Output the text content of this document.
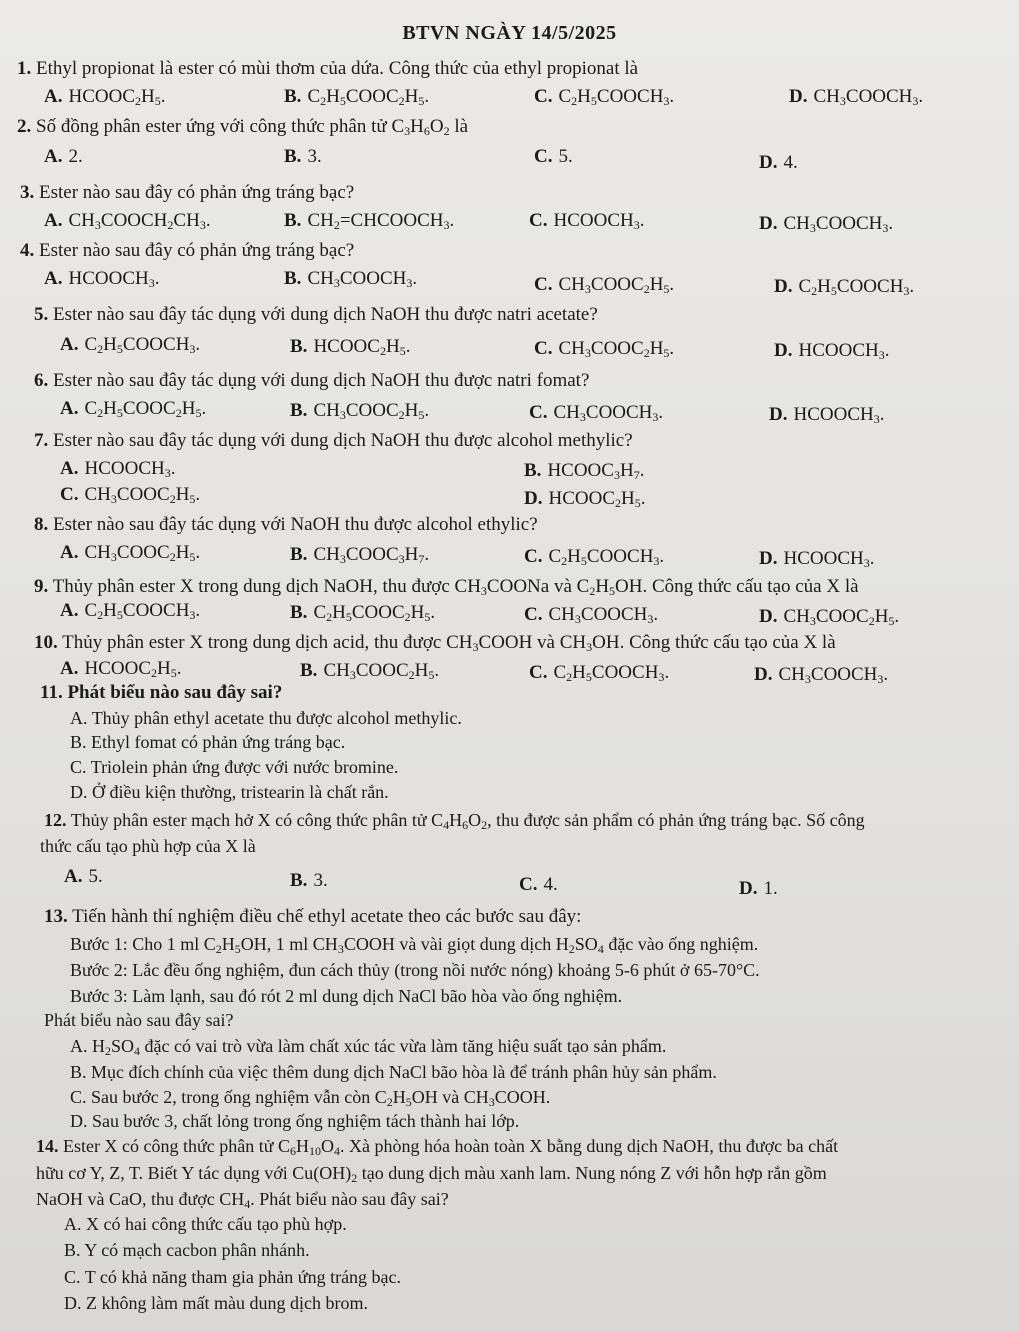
BTVN NGÀY 14/5/2025
1. Ethyl propionat là ester có mùi thơm của dứa. Công thức của ethyl propionat là
A. $HCOOC_2H_5$.	B. $C_2H_5COOC_2H_5$.	C. $C_2H_5COOCH_3$.	D. $CH_3COOCH_3$.
2. Số đồng phân ester ứng với công thức phân tử $C_3H_6O_2$ là
A. 2.	B. 3.	C. 5.	D. 4.
3. Ester nào sau đây có phản ứng tráng bạc?
A. $CH_3COOCH_2CH_3$.	B. $CH_2=CHCOOCH_3$.	C. $HCOOCH_3$.	D. $CH_3COOCH_3$.
4. Ester nào sau đây có phản ứng tráng bạc?
A. $HCOOCH_3$.	B. $CH_3COOCH_3$.	C. $CH_3COOC_2H_5$.	D. $C_2H_5COOCH_3$.
5. Ester nào sau đây tác dụng với dung dịch NaOH thu được natri acetate?
A. $C_2H_5COOCH_3$.	B. $HCOOC_2H_5$.	C. $CH_3COOC_2H_5$.	D. $HCOOCH_3$.
6. Ester nào sau đây tác dụng với dung dịch NaOH thu được natri fomat?
A. $C_2H_5COOC_2H_5$.	B. $CH_3COOC_2H_5$.	C. $CH_3COOCH_3$.	D. $HCOOCH_3$.
7. Ester nào sau đây tác dụng với dung dịch NaOH thu được alcohol methylic?
A. $HCOOCH_3$.	B. $HCOOC_3H_7$.
C. $CH_3COOC_2H_5$.	D. $HCOOC_2H_5$.
8. Ester nào sau đây tác dụng với NaOH thu được alcohol ethylic?
A. $CH_3COOC_2H_5$.	B. $CH_3COOC_3H_7$.	C. $C_2H_5COOCH_3$.	D. $HCOOCH_3$.
9. Thủy phân ester X trong dung dịch NaOH, thu được $CH_3COONa$ và $C_2H_5OH$. Công thức cấu tạo của X là
A. $C_2H_5COOCH_3$.	B. $C_2H_5COOC_2H_5$.	C. $CH_3COOCH_3$.	D. $CH_3COOC_2H_5$.
10. Thủy phân ester X trong dung dịch acid, thu được $CH_3COOH$ và $CH_3OH$. Công thức cấu tạo của X là
A. $HCOOC_2H_5$.	B. $CH_3COOC_2H_5$.	C. $C_2H_5COOCH_3$.	D. $CH_3COOCH_3$.
11. Phát biểu nào sau đây sai?
A. Thủy phân ethyl acetate thu được alcohol methylic.
B. Ethyl fomat có phản ứng tráng bạc.
C. Triolein phản ứng được với nước bromine.
D. Ở điều kiện thường, tristearin là chất rắn.
12. Thủy phân ester mạch hở X có công thức phân tử $C_4H_6O_2$, thu được sản phẩm có phản ứng tráng bạc. Số công
thức cấu tạo phù hợp của X là
A. 5.	B. 3.	C. 4.	D. 1.
13. Tiến hành thí nghiệm điều chế ethyl acetate theo các bước sau đây:
Bước 1: Cho 1 ml $C_2H_5OH$, 1 ml $CH_3COOH$ và vài giọt dung dịch $H_2SO_4$ đặc vào ống nghiệm.
Bước 2: Lắc đều ống nghiệm, đun cách thủy (trong nồi nước nóng) khoảng 5-6 phút ở 65-70°C.
Bước 3: Làm lạnh, sau đó rót 2 ml dung dịch NaCl bão hòa vào ống nghiệm.
Phát biểu nào sau đây sai?
A. $H_2SO_4$ đặc có vai trò vừa làm chất xúc tác vừa làm tăng hiệu suất tạo sản phẩm.
B. Mục đích chính của việc thêm dung dịch NaCl bão hòa là để tránh phân hủy sản phẩm.
C. Sau bước 2, trong ống nghiệm vẫn còn $C_2H_5OH$ và $CH_3COOH$.
D. Sau bước 3, chất lỏng trong ống nghiệm tách thành hai lớp.
14. Ester X có công thức phân tử $C_6H_{10}O_4$. Xà phòng hóa hoàn toàn X bằng dung dịch NaOH, thu được ba chất
hữu cơ Y, Z, T. Biết Y tác dụng với $Cu(OH)_2$ tạo dung dịch màu xanh lam. Nung nóng Z với hỗn hợp rắn gồm
NaOH và CaO, thu được $CH_4$. Phát biểu nào sau đây sai?
A. X có hai công thức cấu tạo phù hợp.
B. Y có mạch cacbon phân nhánh.
C. T có khả năng tham gia phản ứng tráng bạc.
D. Z không làm mất màu dung dịch brom.
